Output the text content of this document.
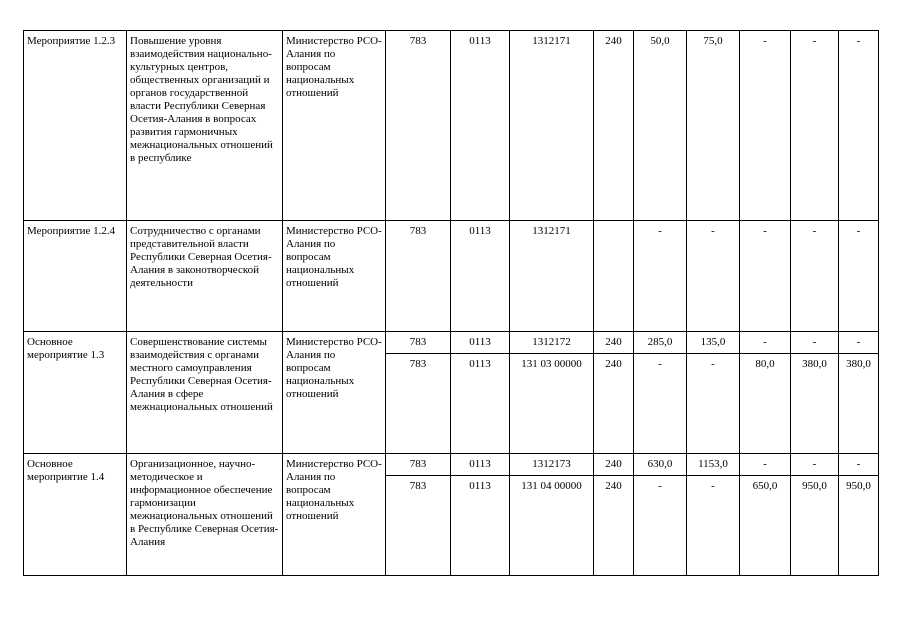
Мероприятие 1.2.3	Повышение уровня взаимодействия национально-культурных центров, общественных организаций и органов государственной власти Республики Северная Осетия-Алания в вопросах развития гармоничных межнациональных отношений в республике	Министерство РСО-Алания по вопросам национальных отношений	783	0113	1312171	240	50,0	75,0	-	-	-
Мероприятие 1.2.4	Сотрудничество с органами представительной власти Республики Северная Осетия-Алания в законотворческой деятельности	Министерство РСО-Алания по вопросам национальных отношений	783	0113	1312171		-	-	-	-	-
Основное мероприятие 1.3	Совершенствование системы взаимодействия с органами местного самоуправления Республики Северная Осетия-Алания в сфере межнациональных отношений	Министерство РСО-Алания по вопросам национальных отношений	783	0113	1312172	240	285,0	135,0	-	-	-
			783	0113	131 03 00000	240	-	-	80,0	380,0	380,0
Основное мероприятие 1.4	Организационное, научно-методическое и информационное обеспечение гармонизации межнациональных отношений в Республике Северная Осетия-Алания	Министерство РСО-Алания по вопросам национальных отношений	783	0113	1312173	240	630,0	1153,0	-	-	-
			783	0113	131 04 00000	240	-	-	650,0	950,0	950,0
